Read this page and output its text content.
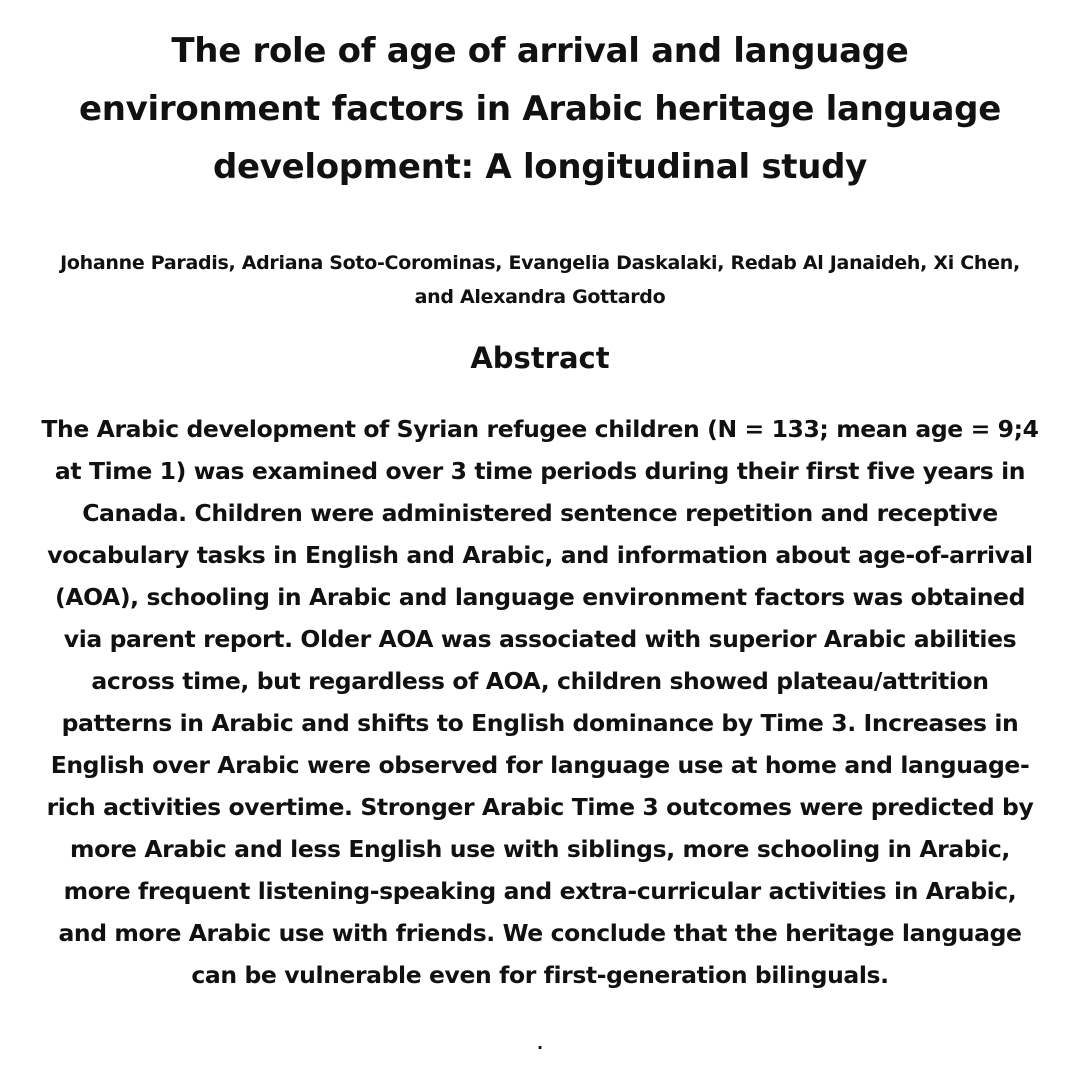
The role of age of arrival and language environment factors in Arabic heritage language development: A longitudinal study
Johanne Paradis, Adriana Soto-Corominas, Evangelia Daskalaki, Redab Al Janaideh, Xi Chen, and Alexandra Gottardo
Abstract

The Arabic development of Syrian refugee children (N = 133; mean age = 9;4 at Time 1) was examined over 3 time periods during their first five years in Canada. Children were administered sentence repetition and receptive vocabulary tasks in English and Arabic, and information about age-of-arrival (AOA), schooling in Arabic and language environment factors was obtained via parent report. Older AOA was associated with superior Arabic abilities across time, but regardless of AOA, children showed plateau/attrition patterns in Arabic and shifts to English dominance by Time 3. Increases in English over Arabic were observed for language use at home and language-rich activities overtime. Stronger Arabic Time 3 outcomes were predicted by more Arabic and less English use with siblings, more schooling in Arabic, more frequent listening-speaking and extra-curricular activities in Arabic, and more Arabic use with friends. We conclude that the heritage language can be vulnerable even for first-generation bilinguals.

.
